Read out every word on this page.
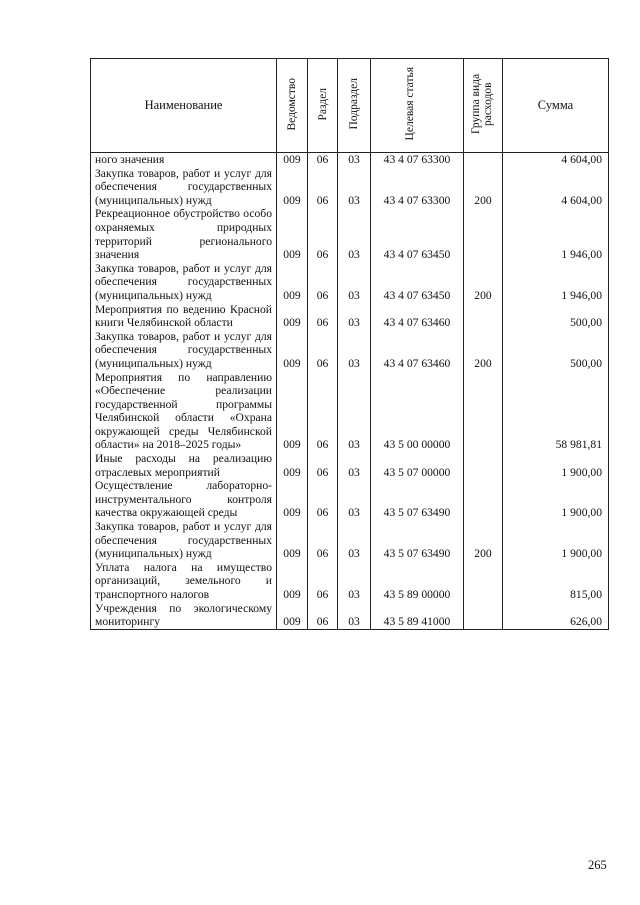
Наименование	Ведомство	Раздел	Подраздел	Целевая статья	Группа вида расходов	Сумма
ного значения	009	06	03	43 4 07 63300		4 604,00
Закупка товаров, работ и услуг для обеспечения государственных (муниципальных) нужд	009	06	03	43 4 07 63300	200	4 604,00
Рекреационное обустройство особо охраняемых природных территорий регионального значения	009	06	03	43 4 07 63450		1 946,00
Закупка товаров, работ и услуг для обеспечения государственных (муниципальных) нужд	009	06	03	43 4 07 63450	200	1 946,00
Мероприятия по ведению Красной книги Челябинской области	009	06	03	43 4 07 63460		500,00
Закупка товаров, работ и услуг для обеспечения государственных (муниципальных) нужд	009	06	03	43 4 07 63460	200	500,00
Мероприятия по направлению «Обеспечение реализации государственной программы Челябинской области «Охрана окружающей среды Челябинской области» на 2018–2025 годы»	009	06	03	43 5 00 00000		58 981,81
Иные расходы на реализацию отраслевых мероприятий	009	06	03	43 5 07 00000		1 900,00
Осуществление лабораторно-инструментального контроля качества окружающей среды	009	06	03	43 5 07 63490		1 900,00
Закупка товаров, работ и услуг для обеспечения государственных (муниципальных) нужд	009	06	03	43 5 07 63490	200	1 900,00
Уплата налога на имущество организаций, земельного и транспортного налогов	009	06	03	43 5 89 00000		815,00
Учреждения по экологическому мониторингу	009	06	03	43 5 89 41000		626,00
265
